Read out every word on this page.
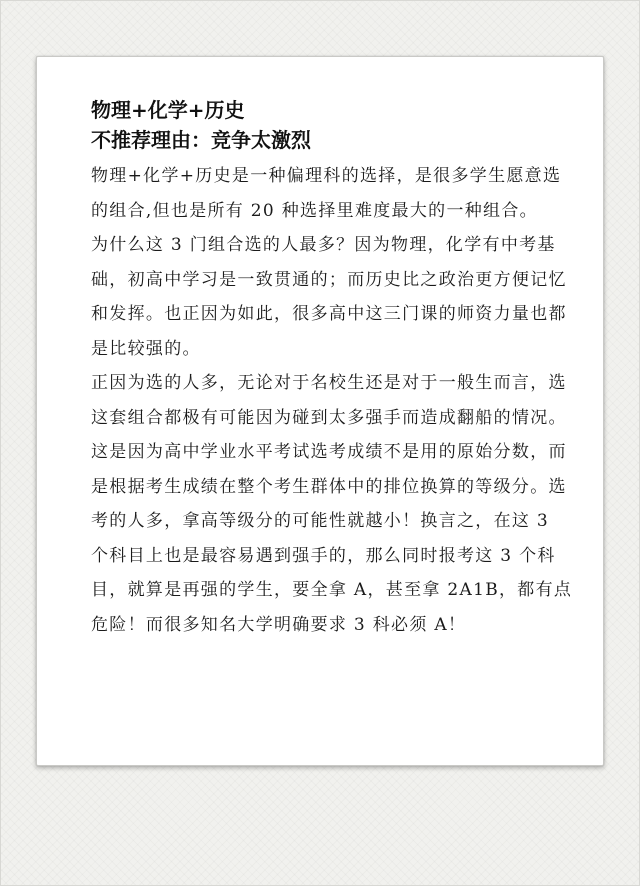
物理+化学+历史
不推荐理由：竞争太激烈

物理+化学+历史是一种偏理科的选择，是很多学生愿意选的组合,但也是所有 20 种选择里难度最大的一种组合。

为什么这 3 门组合选的人最多？因为物理，化学有中考基础，初高中学习是一致贯通的；而历史比之政治更方便记忆和发挥。也正因为如此，很多高中这三门课的师资力量也都是比较强的。

正因为选的人多，无论对于名校生还是对于一般生而言，选这套组合都极有可能因为碰到太多强手而造成翻船的情况。

这是因为高中学业水平考试选考成绩不是用的原始分数，而是根据考生成绩在整个考生群体中的排位换算的等级分。选考的人多，拿高等级分的可能性就越小！换言之，在这 3 个科目上也是最容易遇到强手的，那么同时报考这 3 个科目，就算是再强的学生，要全拿 A，甚至拿 2A1B，都有点危险！而很多知名大学明确要求 3 科必须 A！
